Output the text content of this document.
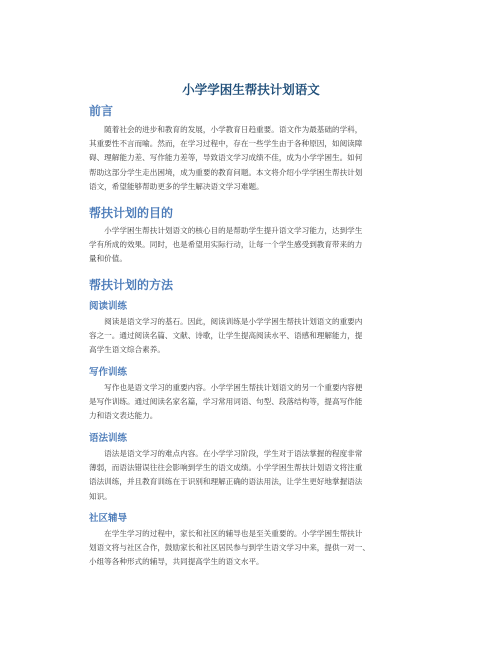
小学学困生帮扶计划语文
前言
　　随着社会的进步和教育的发展，小学教育日趋重要。语文作为最基础的学科，
其重要性不言而喻。然而，在学习过程中，存在一些学生由于各种原因，如阅读障
碍、理解能力差、写作能力差等，导致语文学习成绩不佳，成为小学学困生。如何
帮助这部分学生走出困境，成为重要的教育问题。本文将介绍小学学困生帮扶计划
语文，希望能够帮助更多的学生解决语文学习难题。
帮扶计划的目的
　　小学学困生帮扶计划语文的核心目的是帮助学生提升语文学习能力，达到学生
学有所成的效果。同时，也是希望用实际行动，让每一个学生感受到教育带来的力
量和价值。
帮扶计划的方法
阅读训练
　　阅读是语文学习的基石。因此，阅读训练是小学学困生帮扶计划语文的重要内
容之一。通过阅读名篇、文献、诗歌，让学生提高阅读水平、语感和理解能力，提
高学生语文综合素养。
写作训练
　　写作也是语文学习的重要内容。小学学困生帮扶计划语文的另一个重要内容便
是写作训练。通过阅读名家名篇，学习常用词语、句型、段落结构等，提高写作能
力和语文表达能力。
语法训练
　　语法是语文学习的难点内容。在小学学习阶段，学生对于语法掌握的程度非常
薄弱，而语法错误往往会影响到学生的语文成绩。小学学困生帮扶计划语文将注重
语法训练，并且教育训练在于识别和理解正确的语法用法，让学生更好地掌握语法
知识。
社区辅导
　　在学生学习的过程中，家长和社区的辅导也是至关重要的。小学学困生帮扶计
划语文将与社区合作，鼓励家长和社区居民参与到学生语文学习中来，提供一对一、
小组等各种形式的辅导，共同提高学生的语文水平。
